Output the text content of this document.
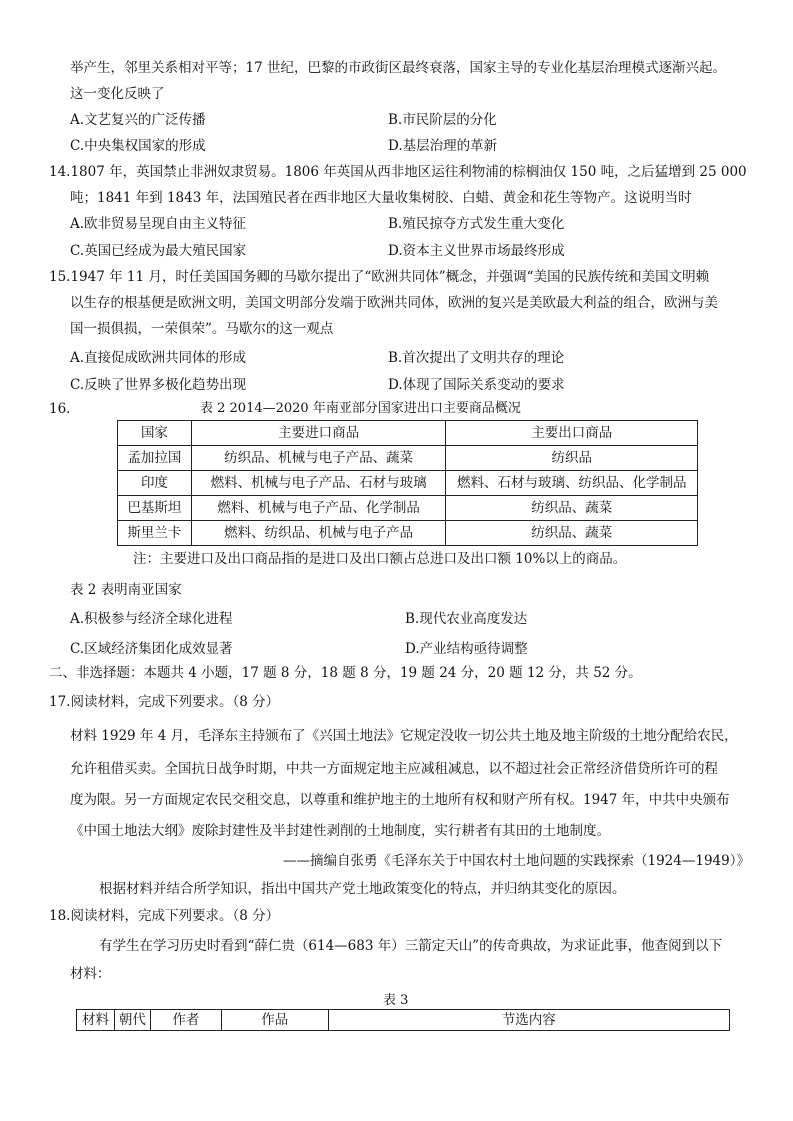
举产生，邻里关系相对平等；17 世纪，巴黎的市政街区最终衰落，国家主导的专业化基层治理模式逐渐兴起。
这一变化反映了
A.文艺复兴的广泛传播	B.市民阶层的分化
C.中央集权国家的形成	D.基层治理的革新
14.1807 年，英国禁止非洲奴隶贸易。1806 年英国从西非地区运往利物浦的棕榈油仅 150 吨，之后猛增到 25 000
吨；1841 年到 1843 年，法国殖民者在西非地区大量收集树胶、白蜡、黄金和花生等物产。这说明当时
A.欧非贸易呈现自由主义特征	B.殖民掠夺方式发生重大变化
C.英国已经成为最大殖民国家	D.资本主义世界市场最终形成
15.1947 年 11 月，时任美国国务卿的马歇尔提出了“欧洲共同体”概念，并强调“美国的民族传统和美国文明赖
以生存的根基便是欧洲文明，美国文明部分发端于欧洲共同体，欧洲的复兴是美欧最大利益的组合，欧洲与美
国一损俱损，一荣俱荣”。马歇尔的这一观点
A.直接促成欧洲共同体的形成	B.首次提出了文明共存的理论
C.反映了世界多极化趋势出现	D.体现了国际关系变动的要求
16.	表 2 2014—2020 年南亚部分国家进出口主要商品概况
国家	主要进口商品	主要出口商品
孟加拉国	纺织品、机械与电子产品、蔬菜	纺织品
印度	燃料、机械与电子产品、石材与玻璃	燃料、石材与玻璃、纺织品、化学制品
巴基斯坦	燃料、机械与电子产品、化学制品	纺织品、蔬菜
斯里兰卡	燃料、纺织品、机械与电子产品	纺织品、蔬菜
注：主要进口及出口商品指的是进口及出口额占总进口及出口额 10%以上的商品。
表 2 表明南亚国家
A.积极参与经济全球化进程	B.现代农业高度发达
C.区域经济集团化成效显著	D.产业结构亟待调整
二、非选择题：本题共 4 小题，17 题 8 分，18 题 8 分，19 题 24 分，20 题 12 分，共 52 分。
17.阅读材料，完成下列要求。（8 分）
材料 1929 年 4 月，毛泽东主持颁布了《兴国土地法》它规定没收一切公共土地及地主阶级的土地分配给农民，
允许租借买卖。全国抗日战争时期，中共一方面规定地主应减租减息，以不超过社会正常经济借贷所许可的程
度为限。另一方面规定农民交租交息，以尊重和维护地主的土地所有权和财产所有权。1947 年，中共中央颁布
《中国土地法大纲》废除封建性及半封建性剥削的土地制度，实行耕者有其田的土地制度。
——摘编自张勇《毛泽东关于中国农村土地问题的实践探索（1924—1949）》
根据材料并结合所学知识，指出中国共产党土地政策变化的特点，并归纳其变化的原因。
18.阅读材料，完成下列要求。（8 分）
有学生在学习历史时看到“薛仁贵（614—683 年）三箭定天山”的传奇典故，为求证此事，他查阅到以下
材料：
表 3
材料	朝代	作者	作品	节选内容
